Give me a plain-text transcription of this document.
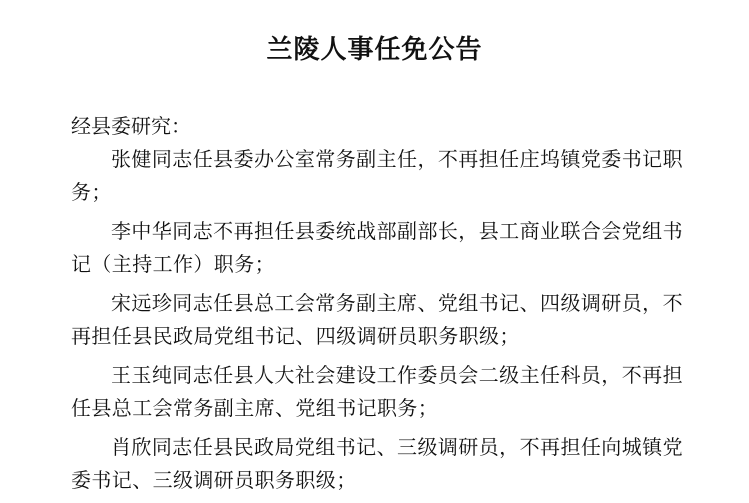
兰陵人事任免公告
经县委研究：

张健同志任县委办公室常务副主任，不再担任庄坞镇党委书记职务；

李中华同志不再担任县委统战部副部长，县工商业联合会党组书记（主持工作）职务；

宋远珍同志任县总工会常务副主席、党组书记、四级调研员，不再担任县民政局党组书记、四级调研员职务职级；

王玉纯同志任县人大社会建设工作委员会二级主任科员，不再担任县总工会常务副主席、党组书记职务；

肖欣同志任县民政局党组书记、三级调研员，不再担任向城镇党委书记、三级调研员职务职级；
